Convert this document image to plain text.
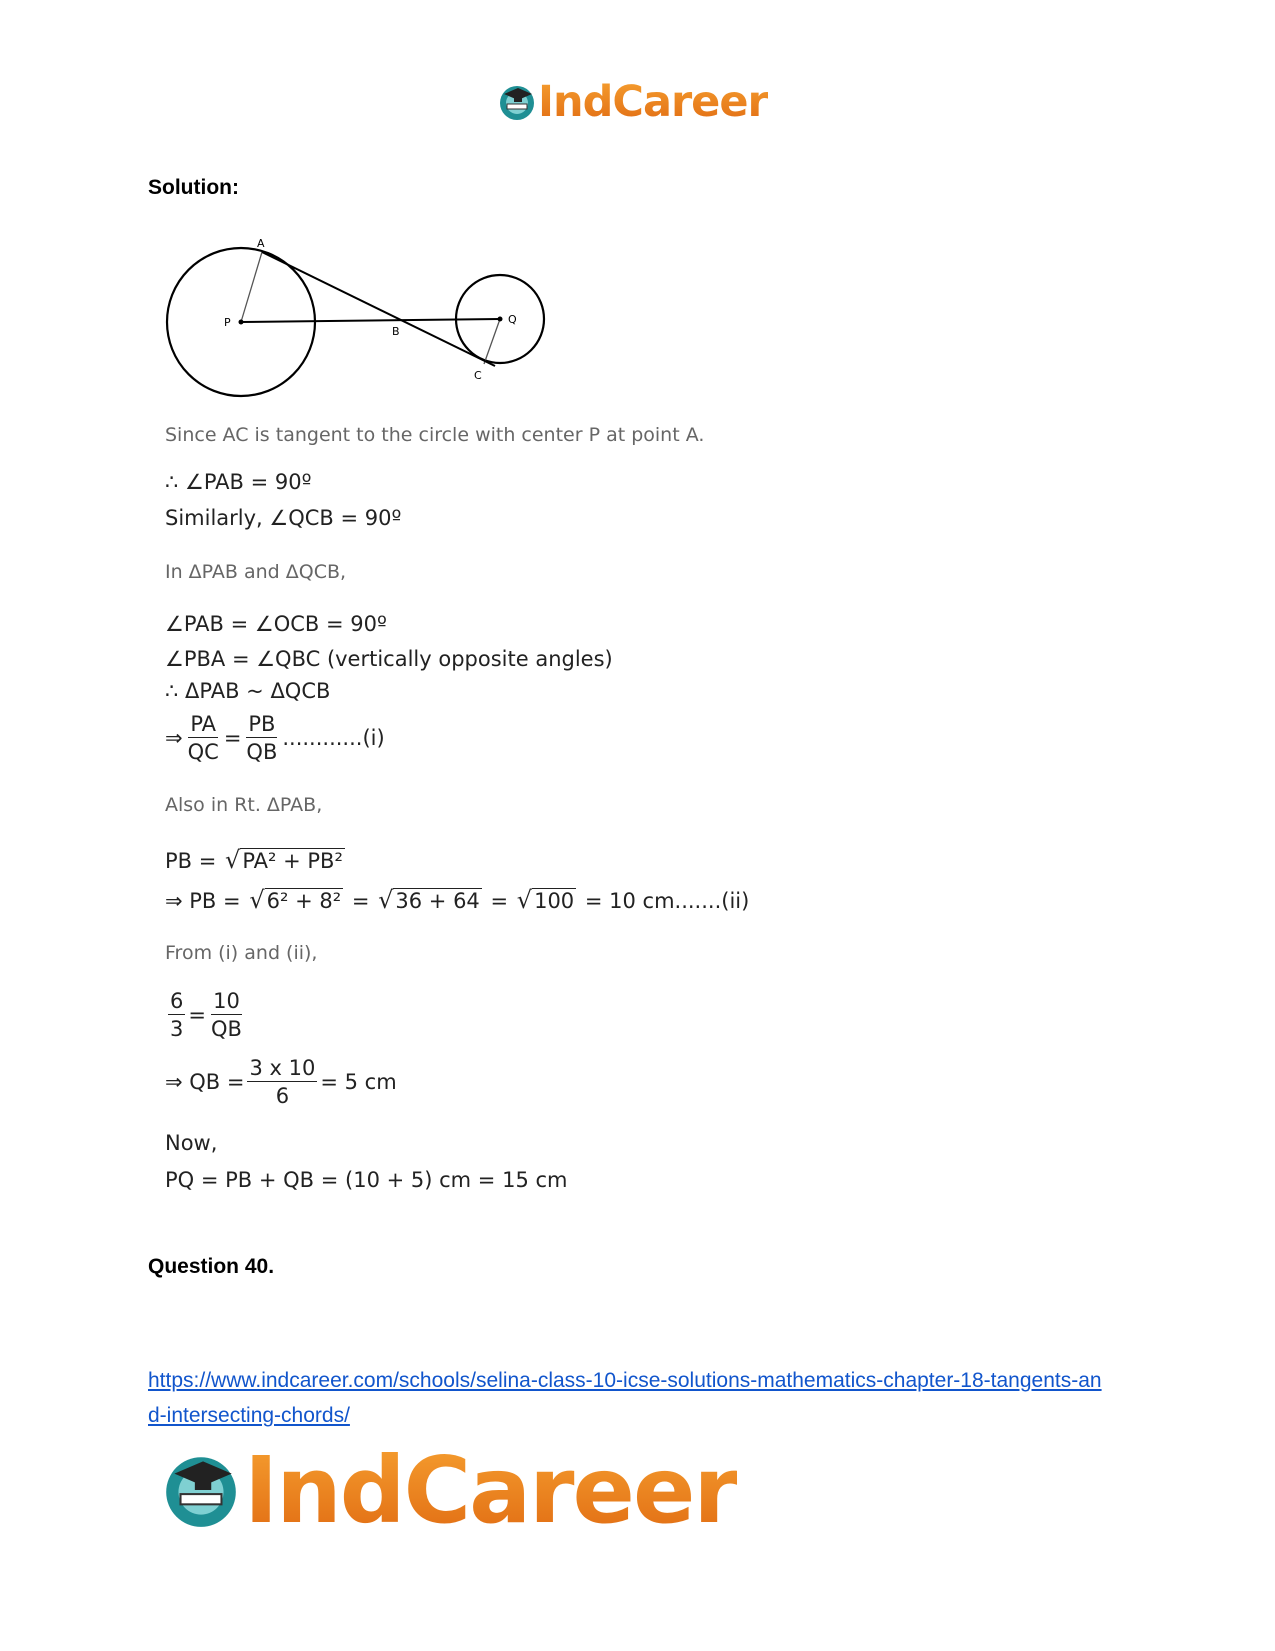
IndCareer
Solution:
A
P
B
Q
C
Since AC is tangent to the circle with center P at point A.
∴ ∠PAB = 90º
Similarly, ∠QCB = 90º
In ΔPAB and ΔQCB,
∠PAB = ∠OCB = 90º
∠PBA = ∠QBC (vertically opposite angles)
∴ ΔPAB ~ ΔQCB
⇒ $\frac{PA}{QC} = \frac{PB}{QB} ............(i)$
Also in Rt. ΔPAB,
PB =
√ PA² + PB²
⇒ PB =
√ 6² + 8²
=
√ 36 + 64
=
√ 100
= 10 cm.......(ii)
From (i) and (ii),
$\frac{6}{3} = \frac{10}{QB}$
⇒ QB = $\frac{3 x 10}{6} = 5$ cm
Now,
PQ = PB + QB = (10 + 5) cm = 15 cm
Question 40.
https://www.indcareer.com/schools/selina-class-10-icse-solutions-mathematics-chapter-18-tangents-and-intersecting-chords/
IndCareer
